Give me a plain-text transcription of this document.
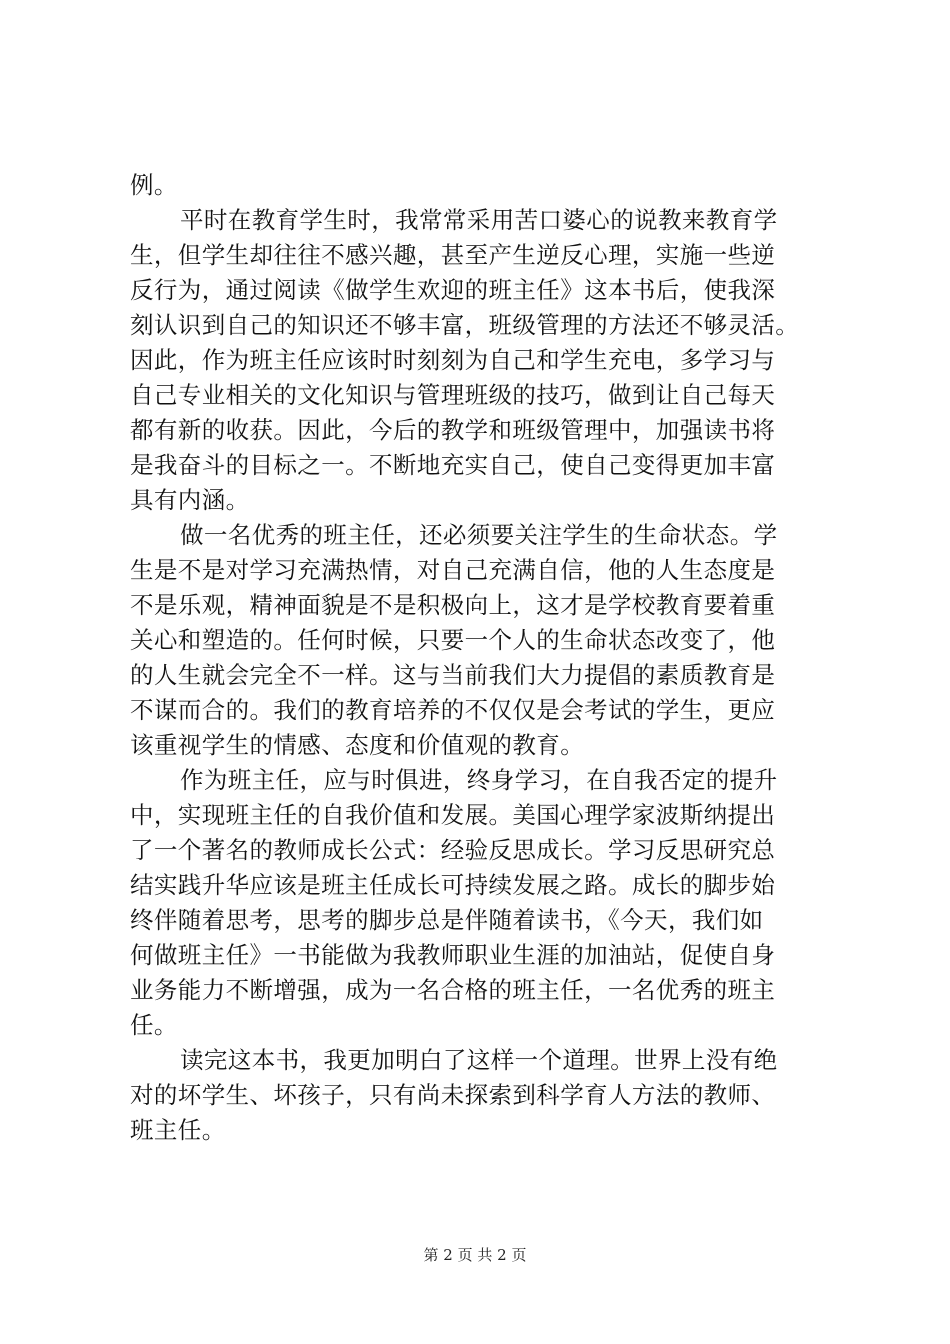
例。
平时在教育学生时，我常常采用苦口婆心的说教来教育学
生，但学生却往往不感兴趣，甚至产生逆反心理，实施一些逆
反行为，通过阅读《做学生欢迎的班主任》这本书后，使我深
刻认识到自己的知识还不够丰富，班级管理的方法还不够灵活。
因此，作为班主任应该时时刻刻为自己和学生充电，多学习与
自己专业相关的文化知识与管理班级的技巧，做到让自己每天
都有新的收获。因此，今后的教学和班级管理中，加强读书将
是我奋斗的目标之一。不断地充实自己，使自己变得更加丰富
具有内涵。
做一名优秀的班主任，还必须要关注学生的生命状态。学
生是不是对学习充满热情，对自己充满自信，他的人生态度是
不是乐观，精神面貌是不是积极向上，这才是学校教育要着重
关心和塑造的。任何时候，只要一个人的生命状态改变了，他
的人生就会完全不一样。这与当前我们大力提倡的素质教育是
不谋而合的。我们的教育培养的不仅仅是会考试的学生，更应
该重视学生的情感、态度和价值观的教育。
作为班主任，应与时俱进，终身学习，在自我否定的提升
中，实现班主任的自我价值和发展。美国心理学家波斯纳提出
了一个著名的教师成长公式：经验反思成长。学习反思研究总
结实践升华应该是班主任成长可持续发展之路。成长的脚步始
终伴随着思考，思考的脚步总是伴随着读书，《今天，我们如
何做班主任》一书能做为我教师职业生涯的加油站，促使自身
业务能力不断增强，成为一名合格的班主任，一名优秀的班主
任。
读完这本书，我更加明白了这样一个道理。世界上没有绝
对的坏学生、坏孩子，只有尚未探索到科学育人方法的教师、
班主任。
第 2 页 共 2 页
